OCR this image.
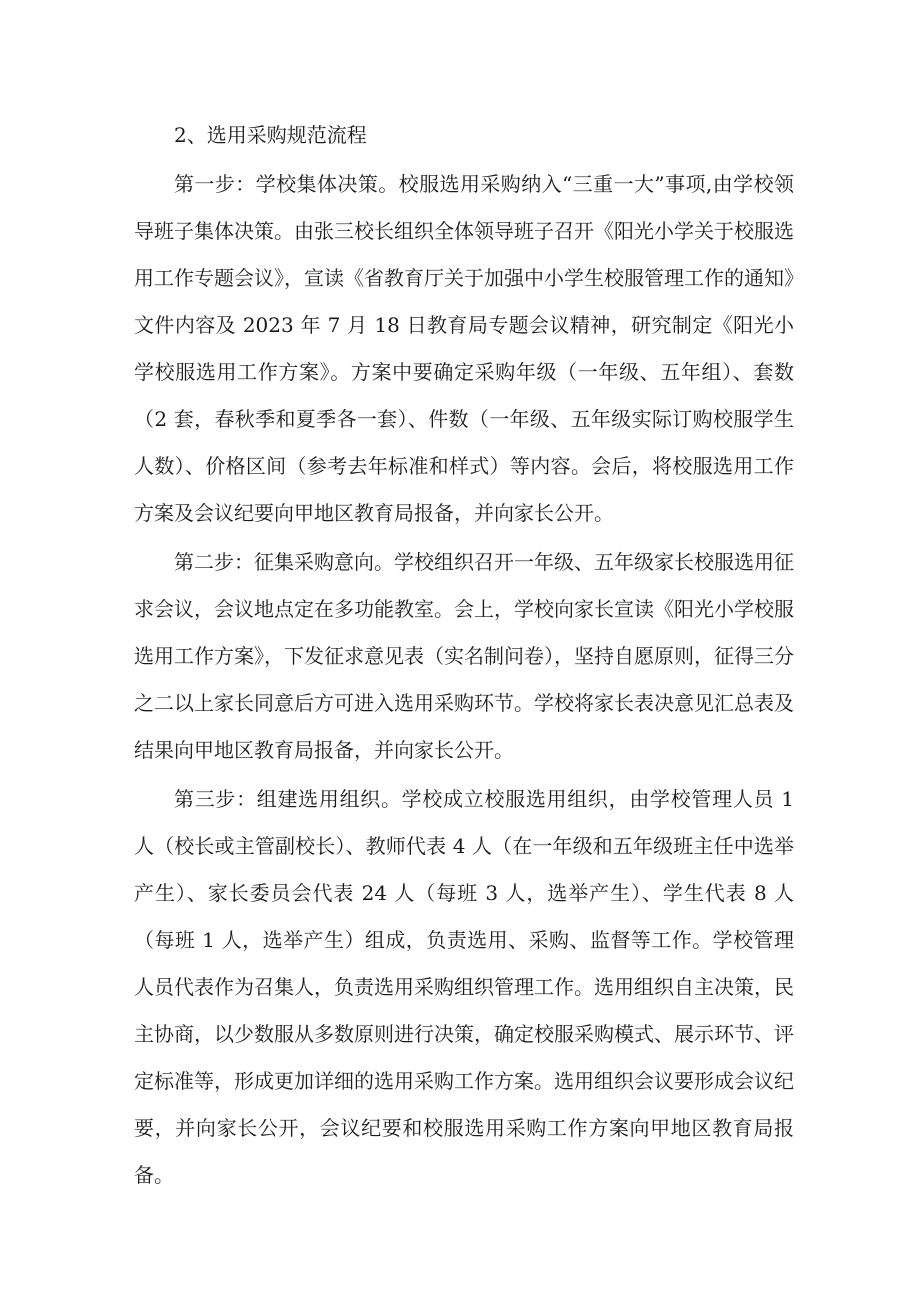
2、选用采购规范流程

第一步：学校集体决策。校服选用采购纳入“三重一大”事项,由学校领导班子集体决策。由张三校长组织全体领导班子召开《阳光小学关于校服选用工作专题会议》，宣读《省教育厅关于加强中小学生校服管理工作的通知》文件内容及 2023 年 7 月 18 日教育局专题会议精神，研究制定《阳光小学校服选用工作方案》。方案中要确定采购年级（一年级、五年组）、套数（2 套，春秋季和夏季各一套）、件数（一年级、五年级实际订购校服学生人数）、价格区间（参考去年标准和样式）等内容。会后，将校服选用工作方案及会议纪要向甲地区教育局报备，并向家长公开。

第二步：征集采购意向。学校组织召开一年级、五年级家长校服选用征求会议，会议地点定在多功能教室。会上，学校向家长宣读《阳光小学校服选用工作方案》，下发征求意见表（实名制问卷），坚持自愿原则，征得三分之二以上家长同意后方可进入选用采购环节。学校将家长表决意见汇总表及结果向甲地区教育局报备，并向家长公开。

第三步：组建选用组织。学校成立校服选用组织，由学校管理人员 1 人（校长或主管副校长）、教师代表 4 人（在一年级和五年级班主任中选举产生）、家长委员会代表 24 人（每班 3 人，选举产生）、学生代表 8 人（每班 1 人，选举产生）组成，负责选用、采购、监督等工作。学校管理人员代表作为召集人，负责选用采购组织管理工作。选用组织自主决策，民主协商，以少数服从多数原则进行决策，确定校服采购模式、展示环节、评定标准等，形成更加详细的选用采购工作方案。选用组织会议要形成会议纪要，并向家长公开，会议纪要和校服选用采购工作方案向甲地区教育局报备。
